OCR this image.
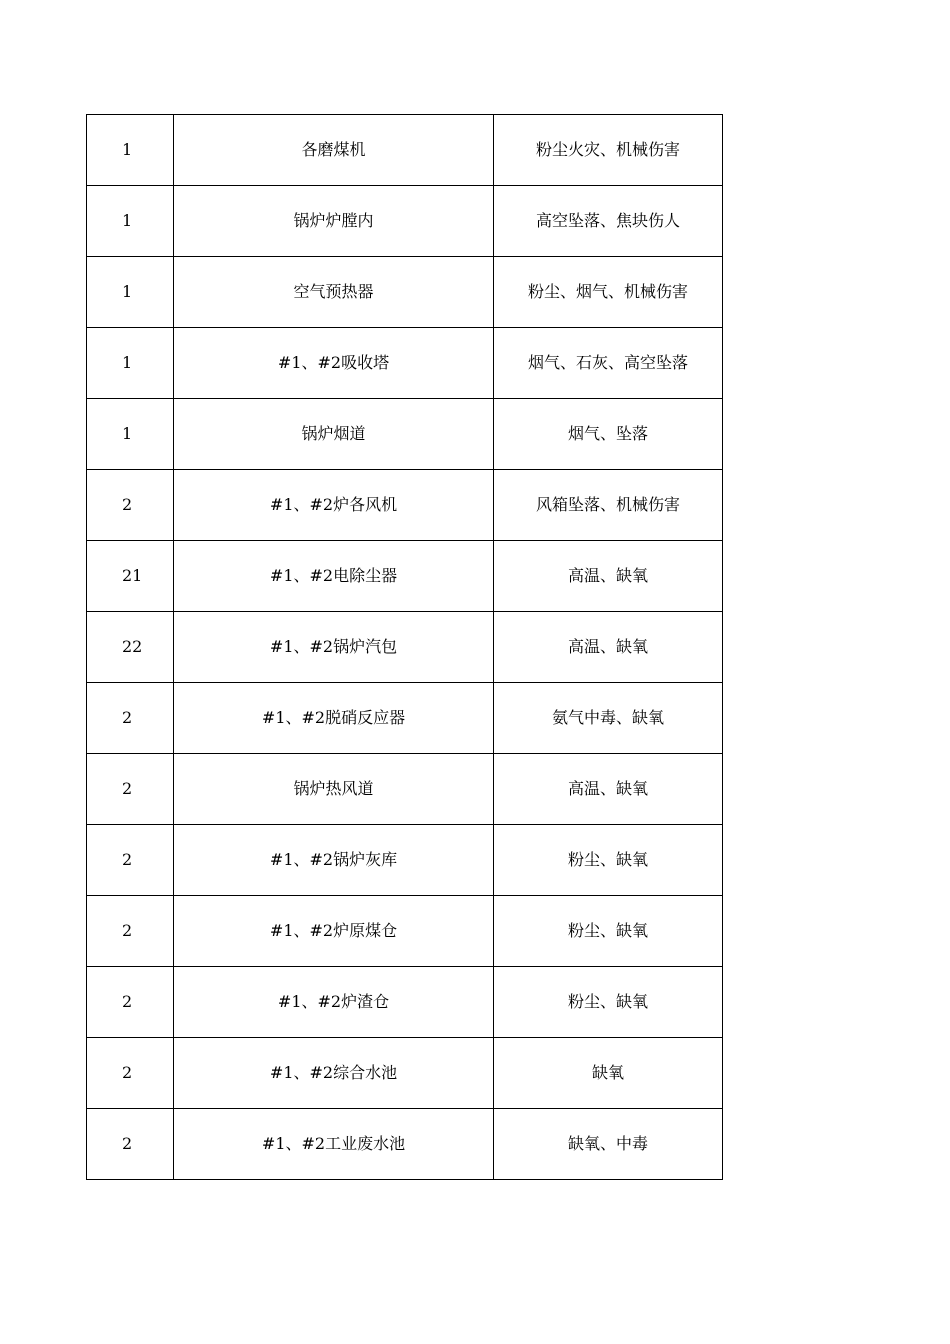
1	各磨煤机	粉尘火灾、机械伤害
1	锅炉炉膛内	高空坠落、焦块伤人
1	空气预热器	粉尘、烟气、机械伤害
1	#1、#2吸收塔	烟气、石灰、高空坠落
1	锅炉烟道	烟气、坠落
2	#1、#2炉各风机	风箱坠落、机械伤害
21	#1、#2电除尘器	高温、缺氧
22	#1、#2锅炉汽包	高温、缺氧
2	#1、#2脱硝反应器	氨气中毒、缺氧
2	锅炉热风道	高温、缺氧
2	#1、#2锅炉灰库	粉尘、缺氧
2	#1、#2炉原煤仓	粉尘、缺氧
2	#1、#2炉渣仓	粉尘、缺氧
2	#1、#2综合水池	缺氧
2	#1、#2工业废水池	缺氧、中毒
